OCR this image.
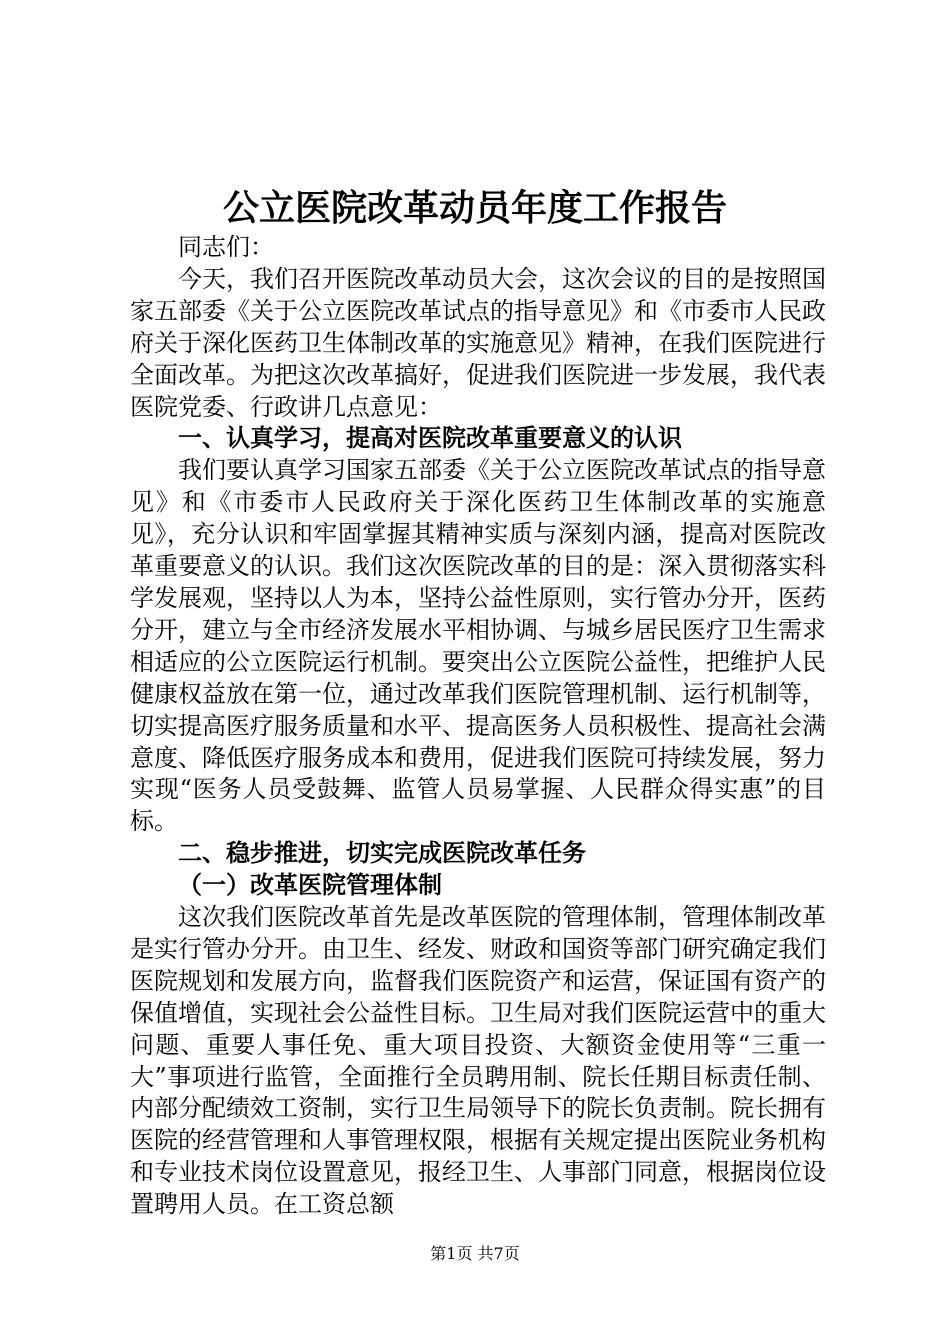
公立医院改革动员年度工作报告

同志们：

今天，我们召开医院改革动员大会，这次会议的目的是按照国家五部委《关于公立医院改革试点的指导意见》和《市委市人民政府关于深化医药卫生体制改革的实施意见》精神，在我们医院进行全面改革。为把这次改革搞好，促进我们医院进一步发展，我代表医院党委、行政讲几点意见：

一、认真学习，提高对医院改革重要意义的认识

我们要认真学习国家五部委《关于公立医院改革试点的指导意见》和《市委市人民政府关于深化医药卫生体制改革的实施意见》，充分认识和牢固掌握其精神实质与深刻内涵，提高对医院改革重要意义的认识。我们这次医院改革的目的是：深入贯彻落实科学发展观，坚持以人为本，坚持公益性原则，实行管办分开，医药分开，建立与全市经济发展水平相协调、与城乡居民医疗卫生需求相适应的公立医院运行机制。要突出公立医院公益性，把维护人民健康权益放在第一位，通过改革我们医院管理机制、运行机制等，切实提高医疗服务质量和水平、提高医务人员积极性、提高社会满意度、降低医疗服务成本和费用，促进我们医院可持续发展，努力实现“医务人员受鼓舞、监管人员易掌握、人民群众得实惠”的目标。

二、稳步推进，切实完成医院改革任务

（一）改革医院管理体制

这次我们医院改革首先是改革医院的管理体制，管理体制改革是实行管办分开。由卫生、经发、财政和国资等部门研究确定我们医院规划和发展方向，监督我们医院资产和运营，保证国有资产的保值增值，实现社会公益性目标。卫生局对我们医院运营中的重大问题、重要人事任免、重大项目投资、大额资金使用等“三重一大”事项进行监管，全面推行全员聘用制、院长任期目标责任制、内部分配绩效工资制，实行卫生局领导下的院长负责制。院长拥有医院的经营管理和人事管理权限，根据有关规定提出医院业务机构和专业技术岗位设置意见，报经卫生、人事部门同意，根据岗位设置聘用人员。在工资总额

第1页 共7页
